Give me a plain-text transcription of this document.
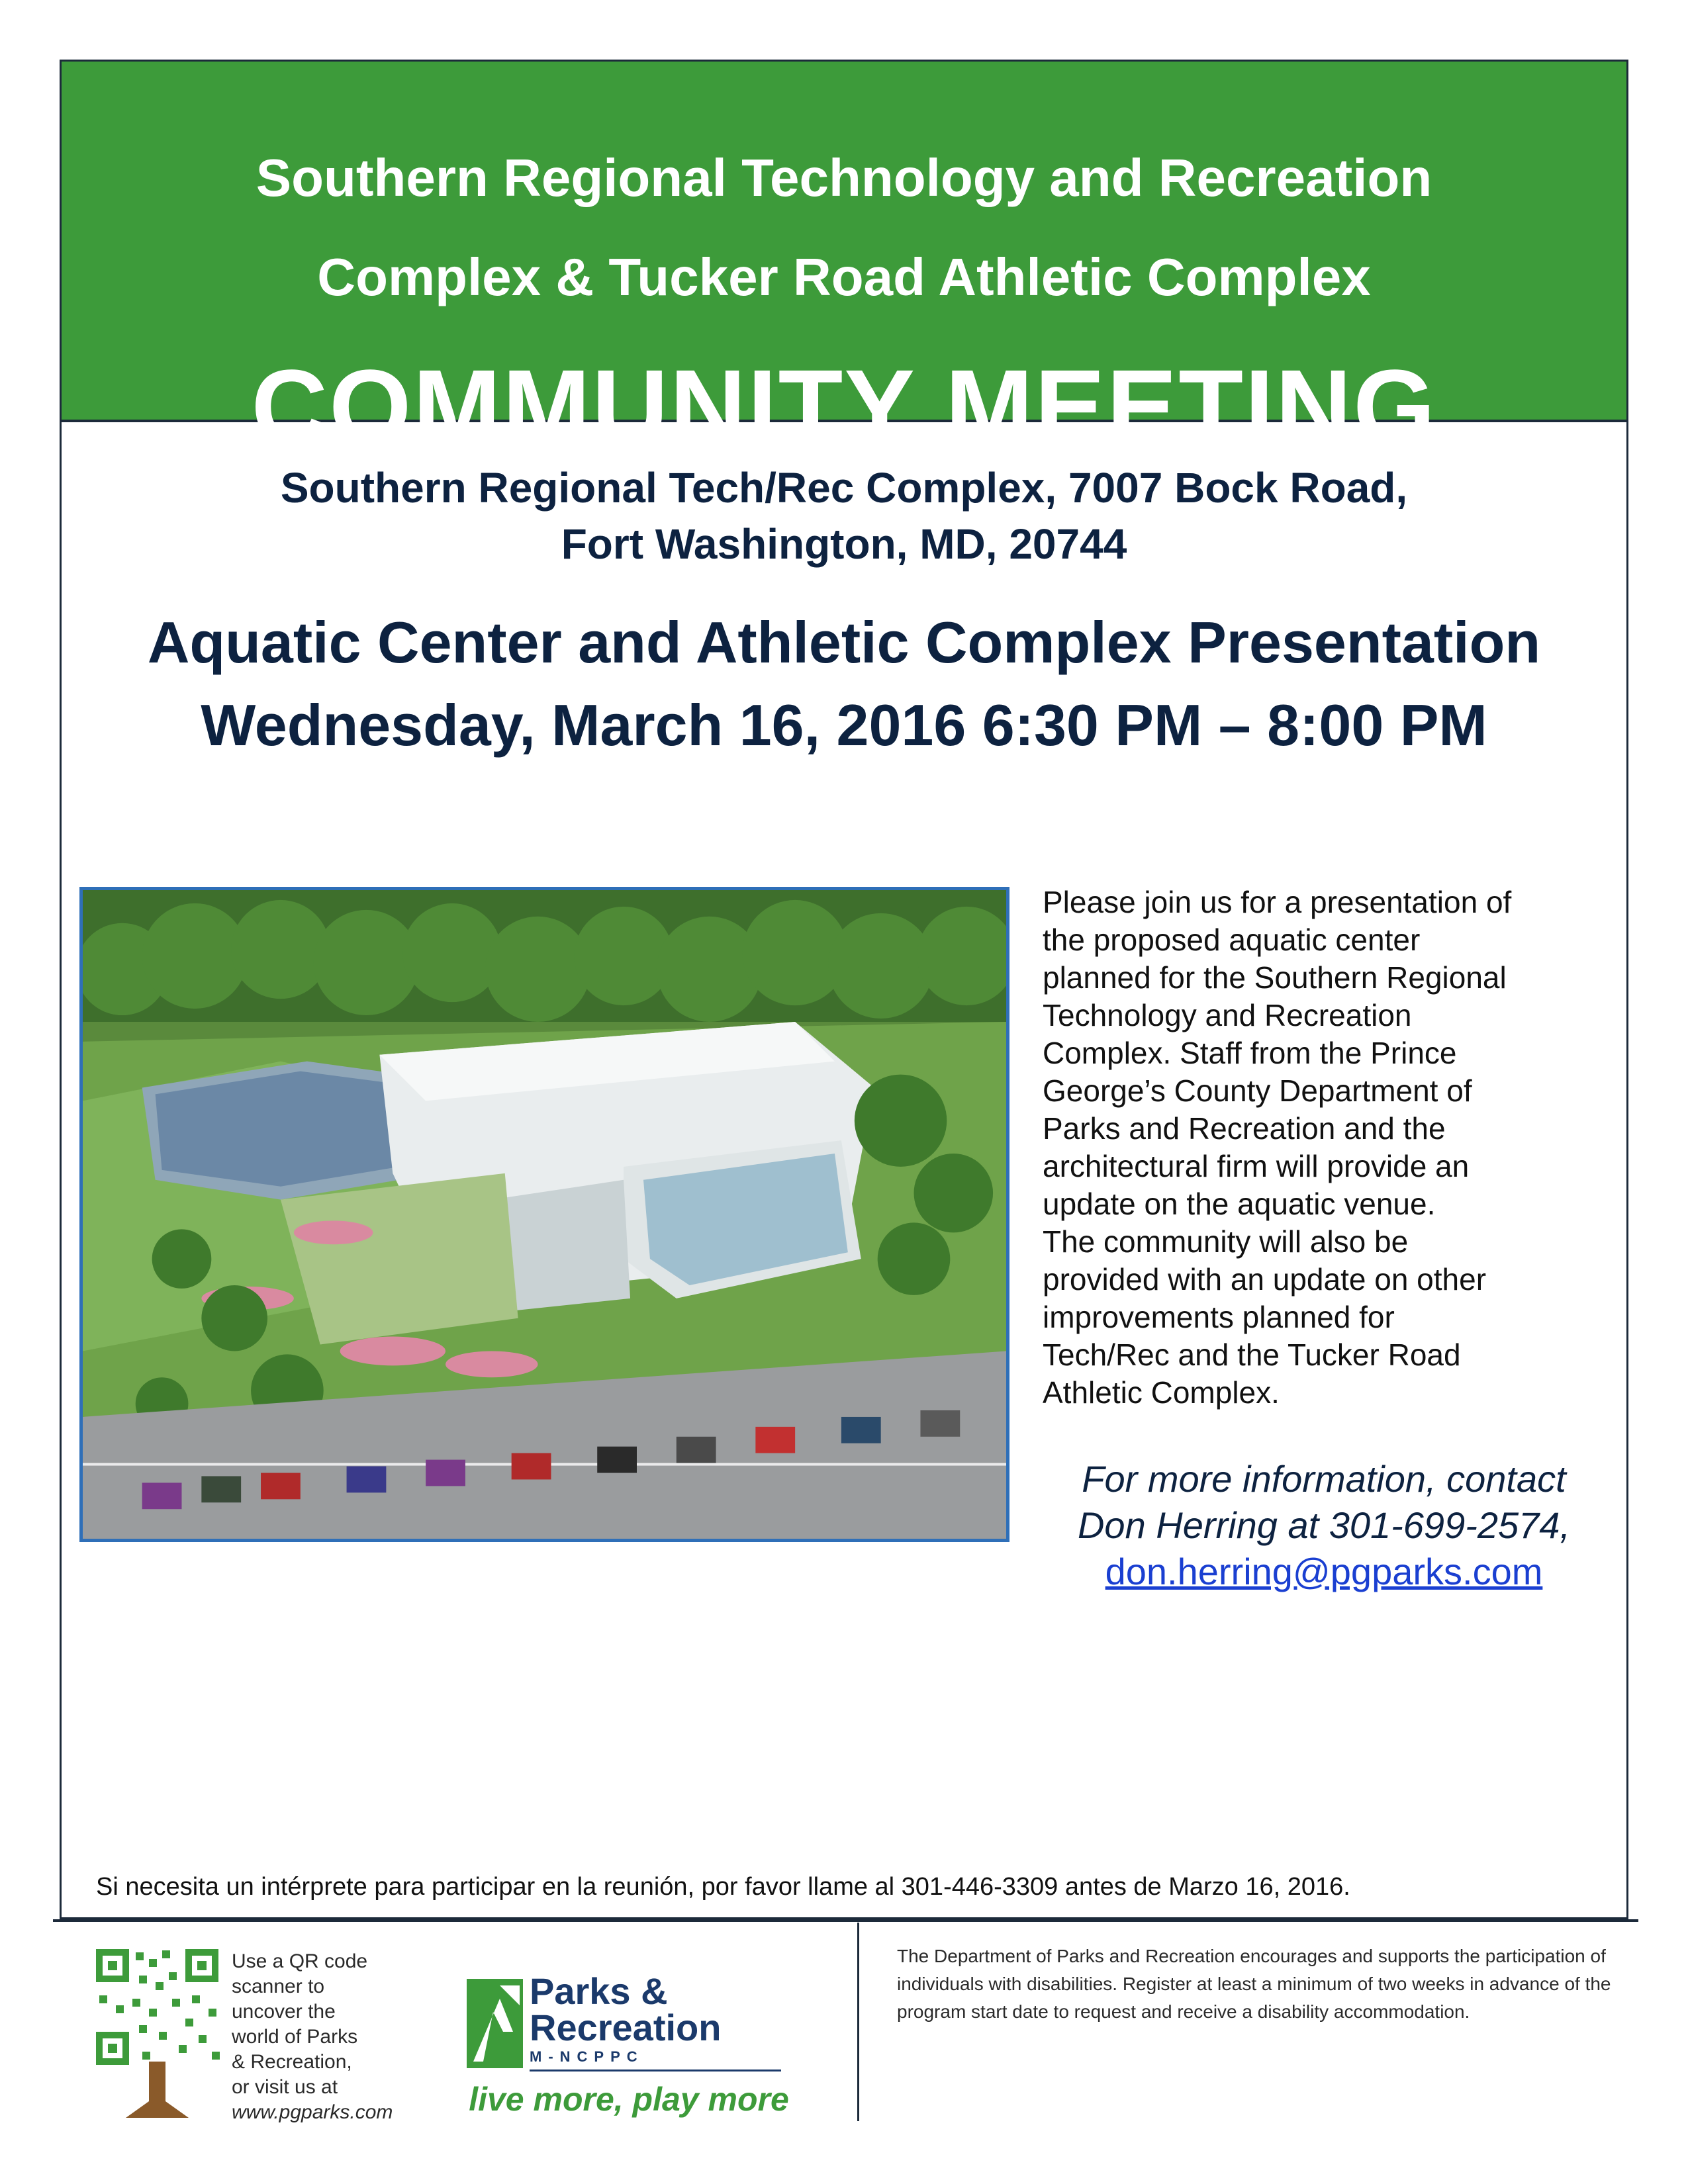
Southern Regional Technology and Recreation
Complex & Tucker Road Athletic Complex
COMMUNITY MEETING
Southern Regional Tech/Rec Complex, 7007 Bock Road,
Fort Washington, MD, 20744
Aquatic Center and Athletic Complex Presentation
Wednesday, March 16, 2016 6:30 PM – 8:00 PM
Please join us for a presentation of
the proposed aquatic center
planned for the Southern Regional
Technology and Recreation
Complex. Staff from the Prince
George’s County Department of
Parks and Recreation and the
architectural firm will provide an
update on the aquatic venue.
The community will also be
provided with an update on other
improvements planned for
Tech/Rec and the Tucker Road
Athletic Complex.
For more information, contact
Don Herring at 301-699-2574,
don.herring@pgparks.com
Si necesita un intérprete para participar en la reunión, por favor llame al 301-446-3309 antes de Marzo 16, 2016.
Use a QR code
scanner to
uncover the
world of Parks
& Recreation,
or visit us at
www.pgparks.com
Parks &
Recreation
M-NCPPC
live more, play more
The Department of Parks and Recreation encourages and supports the participation of individuals with disabilities. Register at least a minimum of two weeks in advance of the program start date to request and receive a disability accommodation.
